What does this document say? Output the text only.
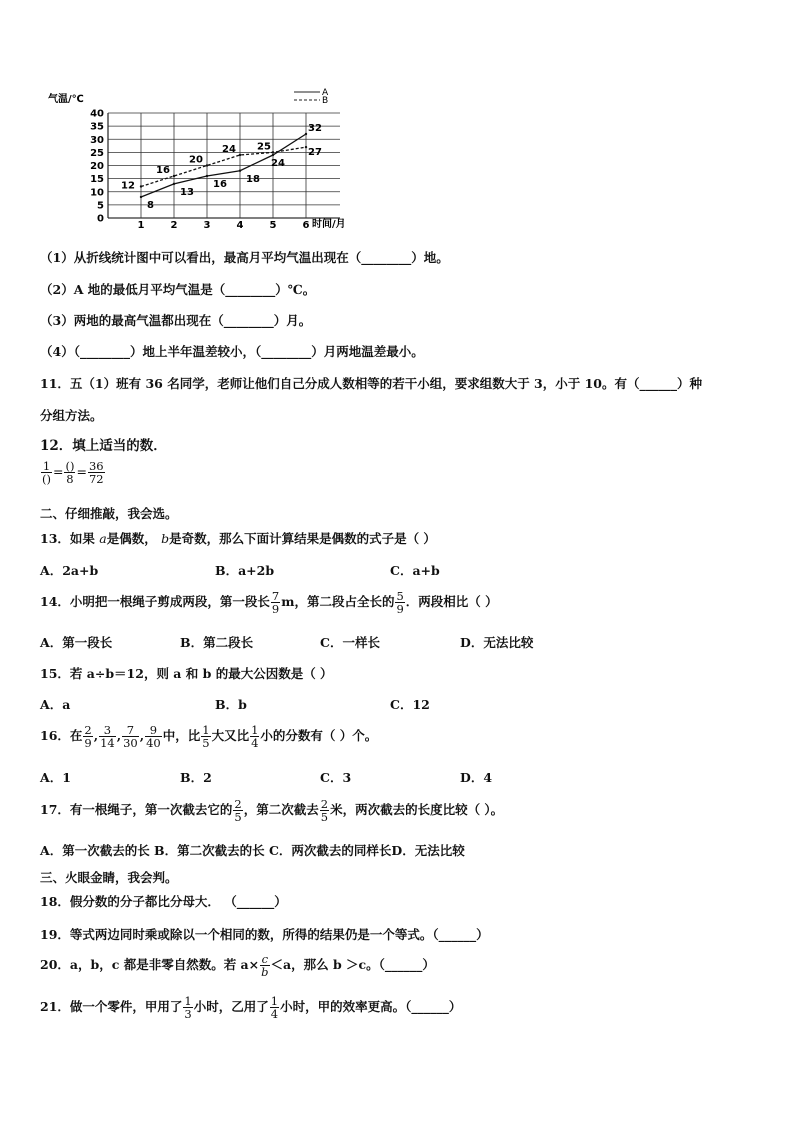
0
5
10
15
20
25
30
35
40
1	2	3	4	5	6
8
13
16 18
24
32
12
16
20
24 25
27
气温/℃
时间/月
A
B
（1）从折线统计图中可以看出，最高月平均气温出现在（________）地。
（2）A 地的最低月平均气温是（________）℃。
（3）两地的最高气温都出现在（________）月。
（4）（________）地上半年温差较小，（________）月两地温差最小。
11．五（1）班有 36 名同学，老师让他们自己分成人数相等的若干小组，要求组数大于 3，小于 10。有（______）种
分组方法。
12．填上适当的数．
$\frac{1}{()} = \frac{()}{8} = \frac{36}{72}$
二、仔细推敲，我会选。
13．如果 a是偶数， b是奇数，那么下面计算结果是偶数的式子是（ ）
A．2a+b	B．a+2b	C．a+b
14．小明把一根绳子剪成两段，第一段长 $\frac{7}{9}$ m，第二段占全长的 $\frac{5}{9}$ ．两段相比（ ）
A．第一段长	B．第二段长	C．一样长	D．无法比较
15．若 a÷b＝12，则 a 和 b 的最大公因数是（ ）
A．a	B．b	C．12
16．在 $\frac{2}{9}$ , $\frac{3}{14}$ , $\frac{7}{30}$ , $\frac{9}{40}$ 中，比 $\frac{1}{5}$ 大又比 $\frac{1}{4}$ 小的分数有（ ）个。
A．1	B．2	C．3	D．4
17．有一根绳子，第一次截去它的 $\frac{2}{5}$ ，第二次截去 $\frac{2}{5}$ 米，两次截去的长度比较（ ）。
A．第一次截去的长 B．第二次截去的长 C．两次截去的同样长D．无法比较
三、火眼金睛，我会判。
18．假分数的分子都比分母大． （______）
19．等式两边同时乘或除以一个相同的数，所得的结果仍是一个等式。（______）
20．a，b，c 都是非零自然数。若 $a\times \frac{c}{b} <a$，那么 b ＞c。（______）
21．做一个零件，甲用了 $\frac{1}{3}$ 小时，乙用了 $\frac{1}{4}$ 小时，甲的效率更高。（______）
